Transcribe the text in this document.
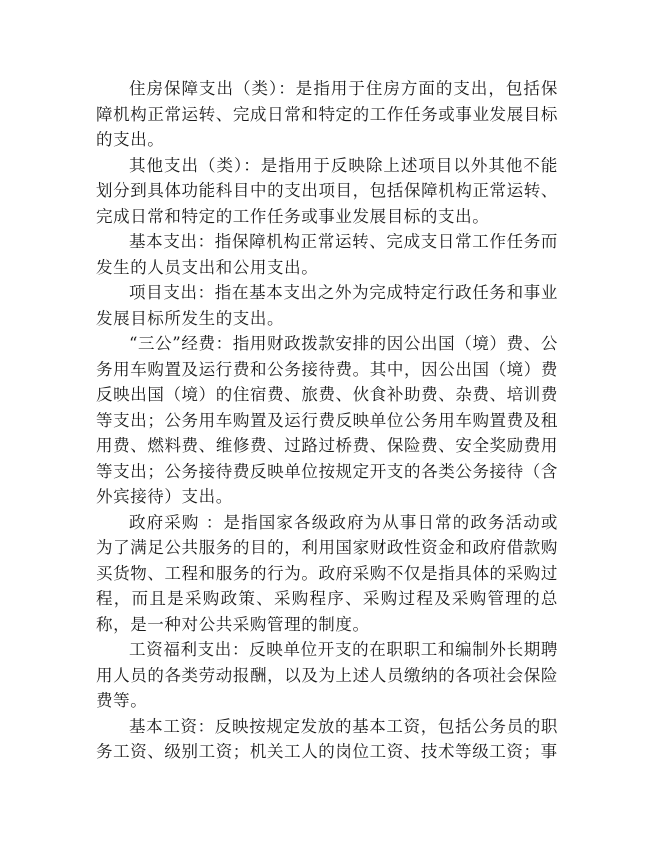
住房保障支出（类）：是指用于住房方面的支出，包括保障机构正常运转、完成日常和特定的工作任务或事业发展目标的支出。

其他支出（类）：是指用于反映除上述项目以外其他不能划分到具体功能科目中的支出项目，包括保障机构正常运转、完成日常和特定的工作任务或事业发展目标的支出。

基本支出：指保障机构正常运转、完成支日常工作任务而发生的人员支出和公用支出。

项目支出：指在基本支出之外为完成特定行政任务和事业发展目标所发生的支出。

“三公”经费：指用财政拨款安排的因公出国（境）费、公务用车购置及运行费和公务接待费。其中，因公出国（境）费反映出国（境）的住宿费、旅费、伙食补助费、杂费、培训费等支出；公务用车购置及运行费反映单位公务用车购置费及租用费、燃料费、维修费、过路过桥费、保险费、安全奖励费用等支出；公务接待费反映单位按规定开支的各类公务接待（含外宾接待）支出。

政府采购 ：是指国家各级政府为从事日常的政务活动或为了满足公共服务的目的，利用国家财政性资金和政府借款购买货物、工程和服务的行为。政府采购不仅是指具体的采购过程，而且是采购政策、采购程序、采购过程及采购管理的总称，是一种对公共采购管理的制度。

工资福利支出：反映单位开支的在职职工和编制外长期聘用人员的各类劳动报酬，以及为上述人员缴纳的各项社会保险费等。

基本工资：反映按规定发放的基本工资，包括公务员的职务工资、级别工资；机关工人的岗位工资、技术等级工资；事
